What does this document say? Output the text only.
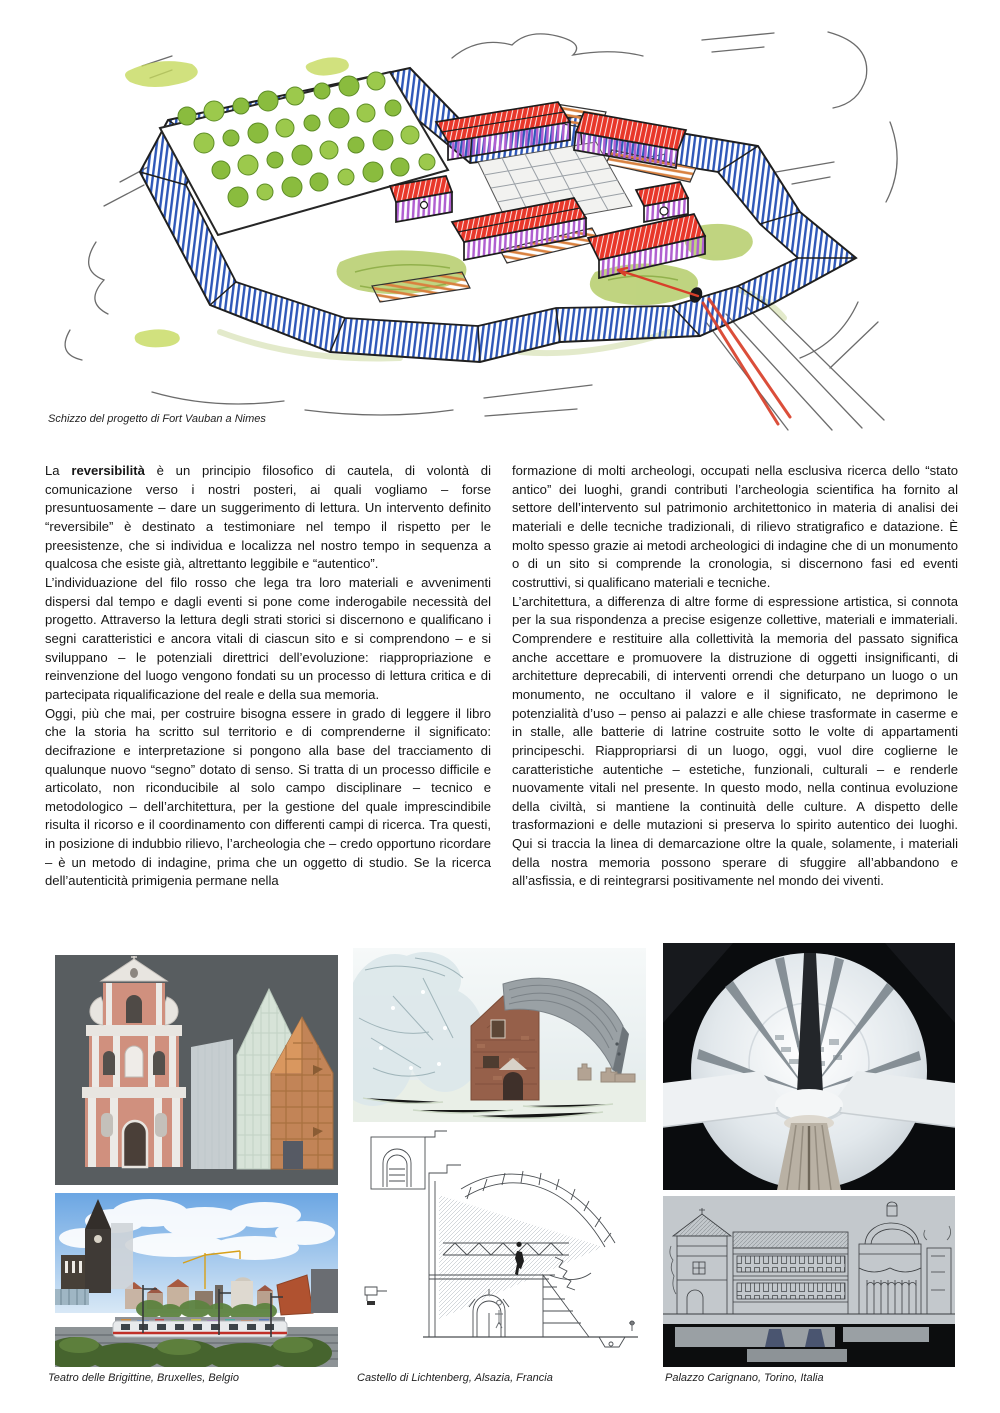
Schizzo del progetto di Fort Vauban a Nimes

La reversibilità è un principio filosofico di cautela, di volontà di comunicazione verso i nostri posteri, ai quali vogliamo – forse presuntuosamente – dare un suggerimento di lettura. Un intervento definito “reversibile” è destinato a testimoniare nel tempo il rispetto per le preesistenze, che si individua e localizza nel nostro tempo in sequenza a qualcosa che esiste già, altrettanto leggibile e “autentico”.

L’individuazione del filo rosso che lega tra loro materiali e avvenimenti dispersi dal tempo e dagli eventi si pone come inderogabile necessità del progetto. Attraverso la lettura degli strati storici si discernono e qualificano i segni caratteristici e ancora vitali di ciascun sito e si comprendono – e si sviluppano – le potenziali direttrici dell’evoluzione: riappropriazione e reinvenzione del luogo vengono fondati su un processo di lettura critica e di partecipata riqualificazione del reale e della sua memoria.

Oggi, più che mai, per costruire bisogna essere in grado di leggere il libro che la storia ha scritto sul territorio e di comprenderne il significato: decifrazione e interpretazione si pongono alla base del tracciamento di qualunque nuovo “segno” dotato di senso. Si tratta di un processo difficile e articolato, non riconducibile al solo campo disciplinare – tecnico e metodologico – dell’architettura, per la gestione del quale imprescindibile risulta il ricorso e il coordinamento con differenti campi di ricerca. Tra questi, in posizione di indubbio rilievo, l’archeologia che – credo opportuno ricordare – è un metodo di indagine, prima che un oggetto di studio. Se la ricerca dell’autenticità primigenia permane nella

formazione di molti archeologi, occupati nella esclusiva ricerca dello “stato antico” dei luoghi, grandi contributi l’archeologia scientifica ha fornito al settore dell’intervento sul patrimonio architettonico in materia di analisi dei materiali e delle tecniche tradizionali, di rilievo stratigrafico e datazione. È molto spesso grazie ai metodi archeologici di indagine che di un monumento o di un sito si comprende la cronologia, si discernono fasi ed eventi costruttivi, si qualificano materiali e tecniche.

L’architettura, a differenza di altre forme di espressione artistica, si connota per la sua rispondenza a precise esigenze collettive, materiali e immateriali. Comprendere e restituire alla collettività la memoria del passato significa anche accettare e promuovere la distruzione di oggetti insignificanti, di architetture deprecabili, di interventi orrendi che deturpano un luogo o un monumento, ne occultano il valore e il significato, ne deprimono le potenzialità d’uso – penso ai palazzi e alle chiese trasformate in caserme e in stalle, alle batterie di latrine costruite sotto le volte di appartamenti principeschi. Riappropriarsi di un luogo, oggi, vuol dire coglierne le caratteristiche autentiche – estetiche, funzionali, culturali – e renderle nuovamente vitali nel presente. In questo modo, nella continua evoluzione della civiltà, si mantiene la continuità delle culture. A dispetto delle trasformazioni e delle mutazioni si preserva lo spirito autentico dei luoghi. Qui si traccia la linea di demarcazione oltre la quale, solamente, i materiali della nostra memoria possono sperare di sfuggire all’abbandono e all’asfissia, e di reintegrarsi positivamente nel mondo dei viventi.

Teatro delle Brigittine, Bruxelles, Belgio	Castello di Lichtenberg, Alsazia, Francia	Palazzo Carignano, Torino, Italia
